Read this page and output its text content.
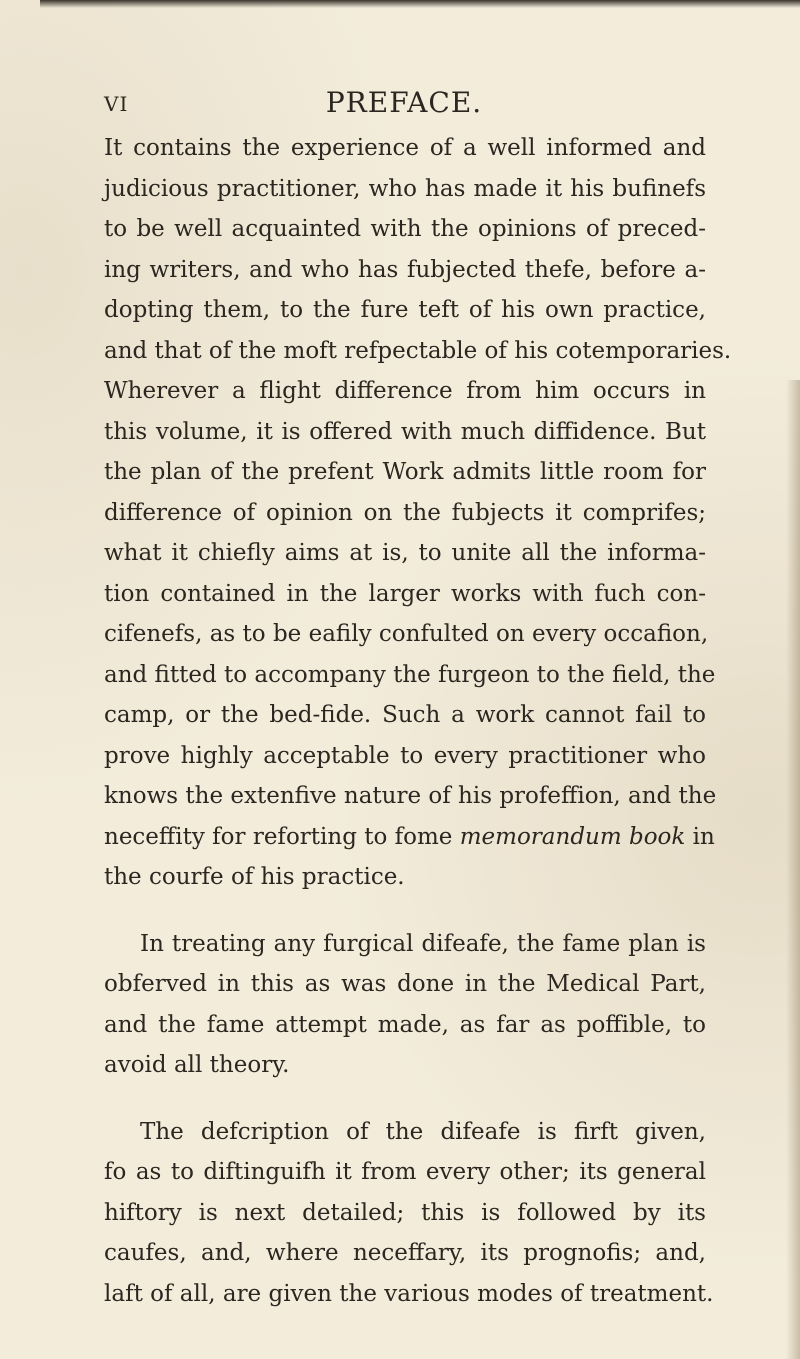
VI	PREFACE.
It contains the experience of a well informed and
judicious practitioner, who has made it his bufinefs
to be well acquainted with the opinions of preced-
ing writers, and who has fubjected thefe, before a-
dopting them, to the fure teft of his own practice,
and that of the moft refpectable of his cotemporaries.
Wherever a flight difference from him occurs in
this volume, it is offered with much diffidence. But
the plan of the prefent Work admits little room for
difference of opinion on the fubjects it comprifes;
what it chiefly aims at is, to unite all the informa-
tion contained in the larger works with fuch con-
cifenefs, as to be eafily confulted on every occafion,
and fitted to accompany the furgeon to the field, the
camp, or the bed-fide. Such a work cannot fail to
prove highly acceptable to every practitioner who
knows the extenfive nature of his profeffion, and the
neceffity for reforting to fome memorandum book in
the courfe of his practice.
In treating any furgical difeafe, the fame plan is
obferved in this as was done in the Medical Part,
and the fame attempt made, as far as poffible, to
avoid all theory.
The defcription of the difeafe is firft given,
fo as to diftinguifh it from every other; its general
hiftory is next detailed; this is followed by its
caufes, and, where neceffary, its prognofis; and,
laft of all, are given the various modes of treatment.
